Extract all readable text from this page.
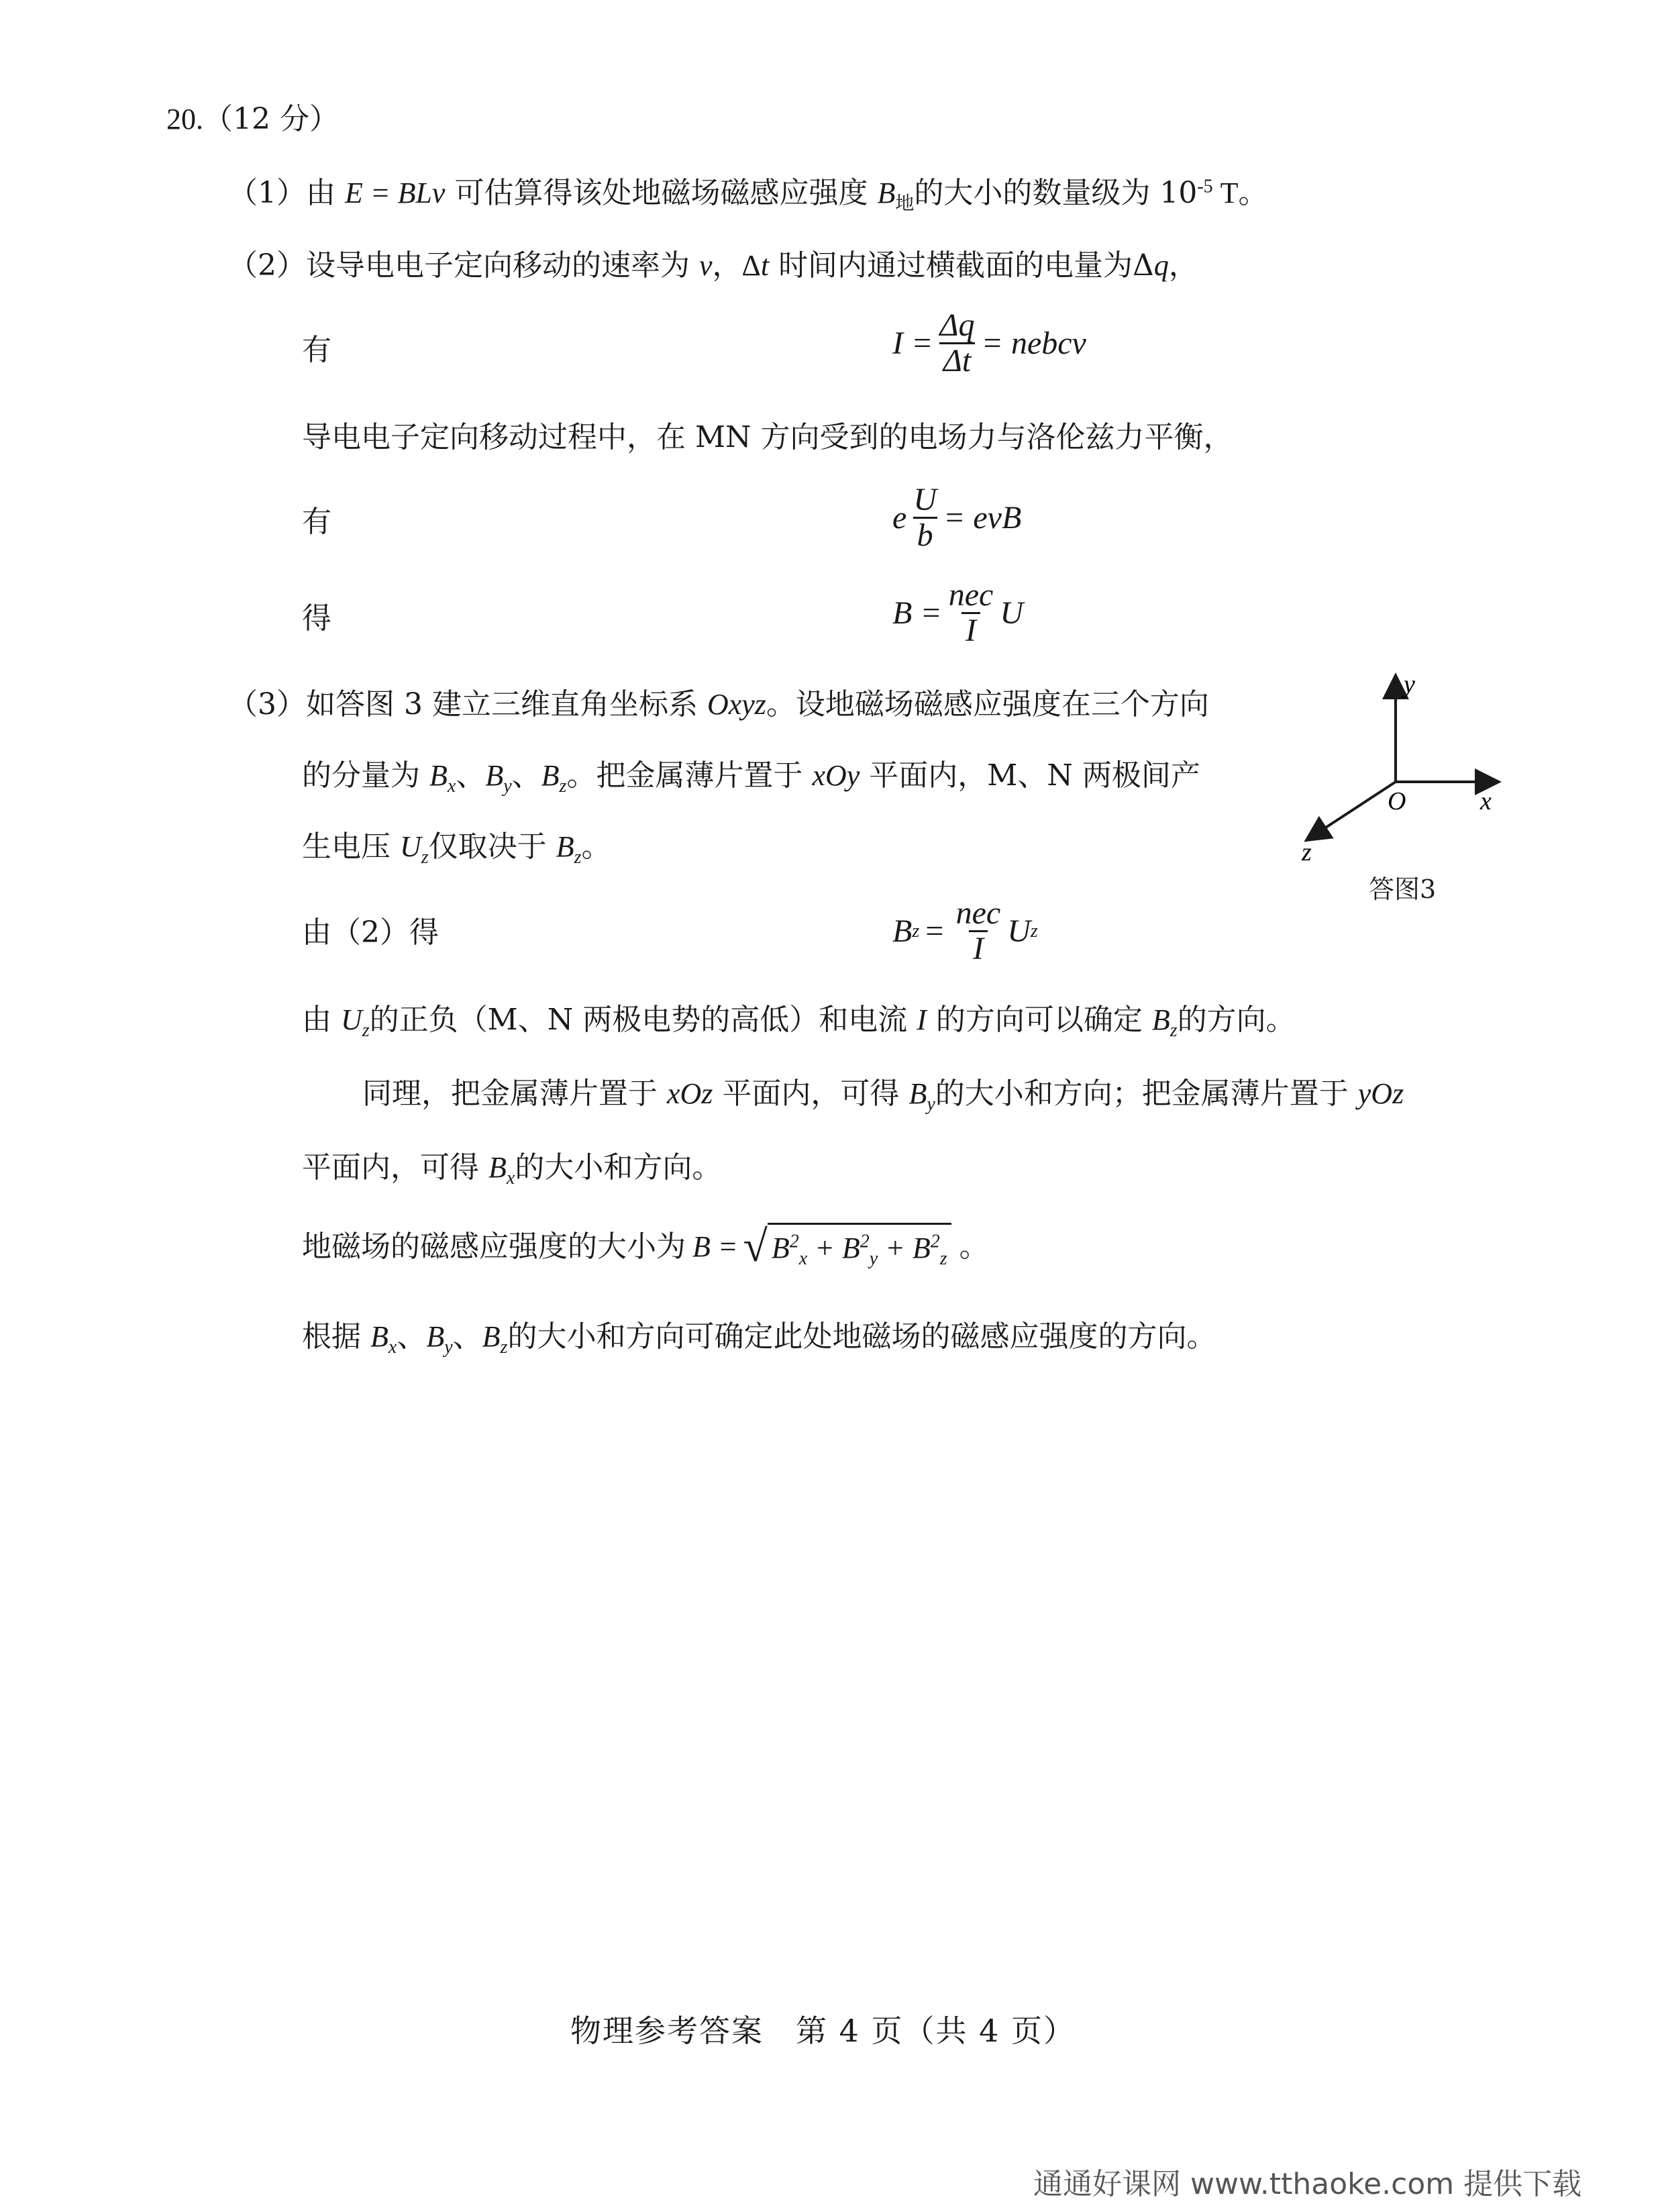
20.（12 分）
（1）由 E = BLv 可估算得该处地磁场磁感应强度 $B_地$的大小的数量级为 $10^{-5}$ T。
（2）设导电电子定向移动的速率为 v，Δt 时间内通过横截面的电量为Δq，
有	$I = \frac{\Delta q}{\Delta t}$ = nebcv
导电电子定向移动过程中，在 MN 方向受到的电场力与洛伦兹力平衡，
有	e $\frac{U}{b}$ = evB
得	$B = \frac{\text{nec}}{I}$ U
（3）如答图 3 建立三维直角坐标系 Oxyz。设地磁场磁感应强度在三个方向
的分量为 $B_x$、$B_y$、$B_z$。把金属薄片置于 xOy 平面内，M、N 两极间产
生电压 $U_z$仅取决于 $B_z$。
y
x
z
O
答图3
由（2）得	B $z = \frac{\text{nec}}{I}$ U z
由 $U_z$的正负（M、N 两极电势的高低）和电流 I 的方向可以确定 $B_z$的方向。
同理，把金属薄片置于 xOz 平面内，可得 $B_y$的大小和方向；把金属薄片置于 yOz
平面内，可得 $B_x$的大小和方向。
地磁场的磁感应强度的大小为 B = √ $B^2_x + B^2_y + B^2_z$ 。
根据 $B_x$、$B_y$、$B_z$的大小和方向可确定此处地磁场的磁感应强度的方向。
物理参考答案　第 4 页（共 4 页）
通通好课网 www.tthaoke.com 提供下载
